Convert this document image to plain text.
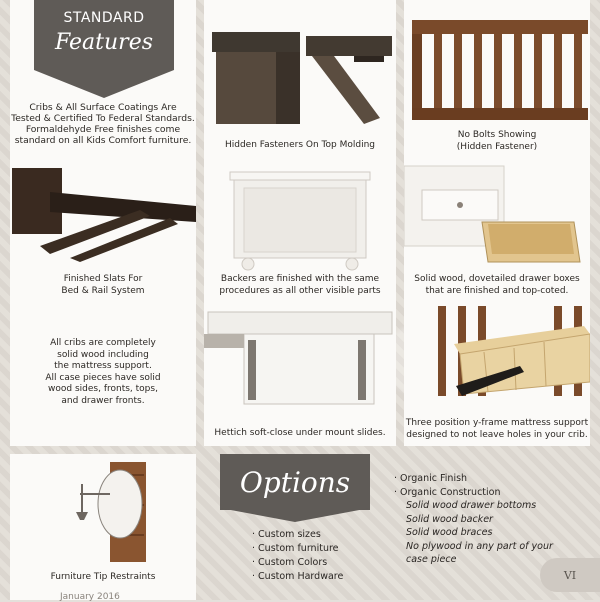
STANDARD
Features
Cribs & All Surface Coatings Are
Tested & Certified To Federal Standards.
Formaldehyde Free finishes come
standard on all Kids Comfort furniture.	Hidden Fasteners On Top Molding
No Bolts Showing
(Hidden Fastener)
Finished Slats For
Bed & Rail System
Backers are finished with the same
procedures as all other visible parts
Solid wood, dovetailed drawer boxes
that are finished and top-coted.
All cribs are completely
solid wood including
the mattress support.
All case pieces have solid
wood sides, fronts, tops,
and drawer fronts.
Hettich soft-close under mount slides.
Three position y-frame mattress support
designed to not leave holes in your crib.
Furniture Tip Restraints
Options
· Custom sizes
· Custom furniture
· Custom Colors
· Custom Hardware
· Organic Finish
· Organic Construction
Solid wood drawer bottoms
Solid wood backer
Solid wood braces
No plywood in any part of your
case piece
VI
January 2016
